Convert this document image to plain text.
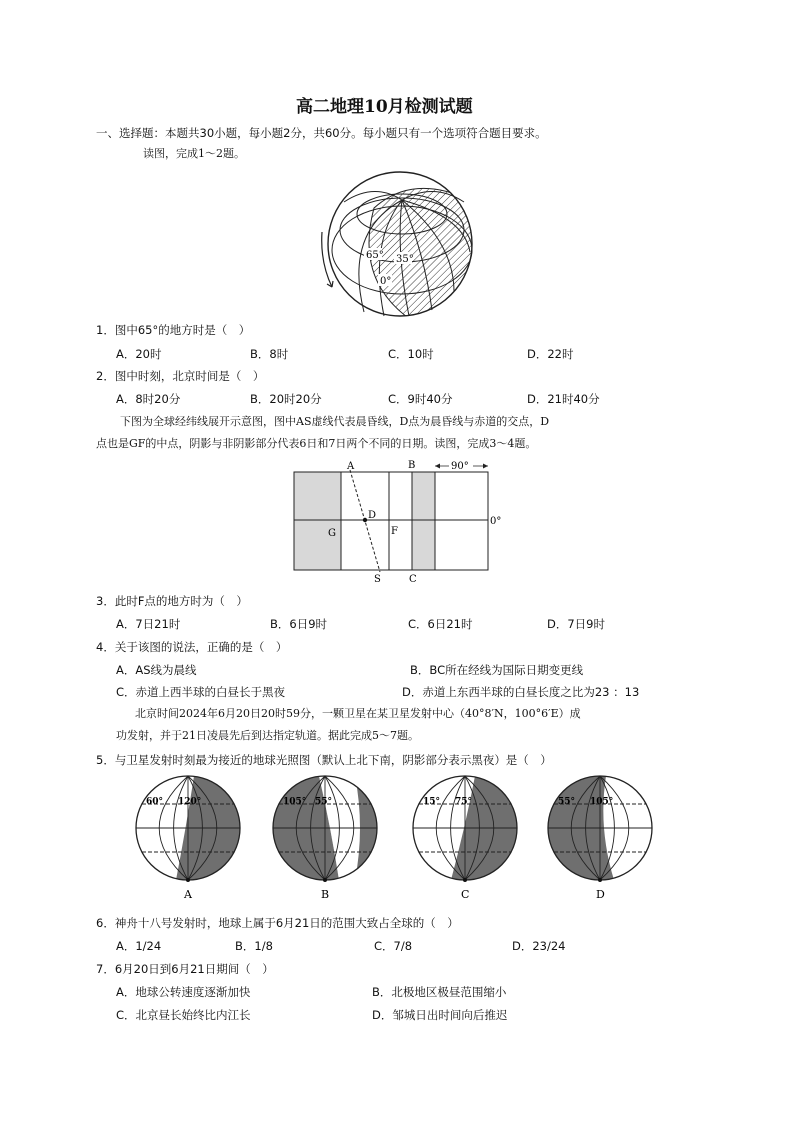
高二地理10月检测试题
一、选择题：本题共30小题，每小题2分，共60分。每小题只有一个选项符合题目要求。
读图，完成1～2题。
65° 35°
0°
1．图中65°的地方时是（　）
A．20时	B．8时	C．10时	D．22时
2．图中时刻，北京时间是（　）
A．8时20分	B．20时20分	C．9时40分	D．21时40分
下图为全球经纬线展开示意图，图中AS虚线代表晨昏线，D点为晨昏线与赤道的交点，D
点也是GF的中点，阴影与非阴影部分代表6日和7日两个不同的日期。读图，完成3～4题。
A	B	90°
D
G	F
0°
S	C
3．此时F点的地方时为（　）
A．7日21时	B．6日9时	C．6日21时	D．7日9时
4．关于该图的说法，正确的是（　）
A．AS线为晨线	B．BC所在经线为国际日期变更线
C．赤道上西半球的白昼长于黑夜	D．赤道上东西半球的白昼长度之比为23 ：13
北京时间2024年6月20日20时59分，一颗卫星在某卫星发射中心（40°8′N，100°6′E）成
功发射，并于21日凌晨先后到达指定轨道。据此完成5～7题。
5．与卫星发射时刻最为接近的地球光照图（默认上北下南，阴影部分表示黑夜）是（　）
60° 120°
A
105° 55°
B
15° 75°
C
55° 105°
D
6．神舟十八号发射时，地球上属于6月21日的范围大致占全球的（　）
A．1/24	B．1/8	C．7/8	D．23/24
7．6月20日到6月21日期间（　）
A．地球公转速度逐渐加快	B．北极地区极昼范围缩小
C．北京昼长始终比内江长	D．邹城日出时间向后推迟
